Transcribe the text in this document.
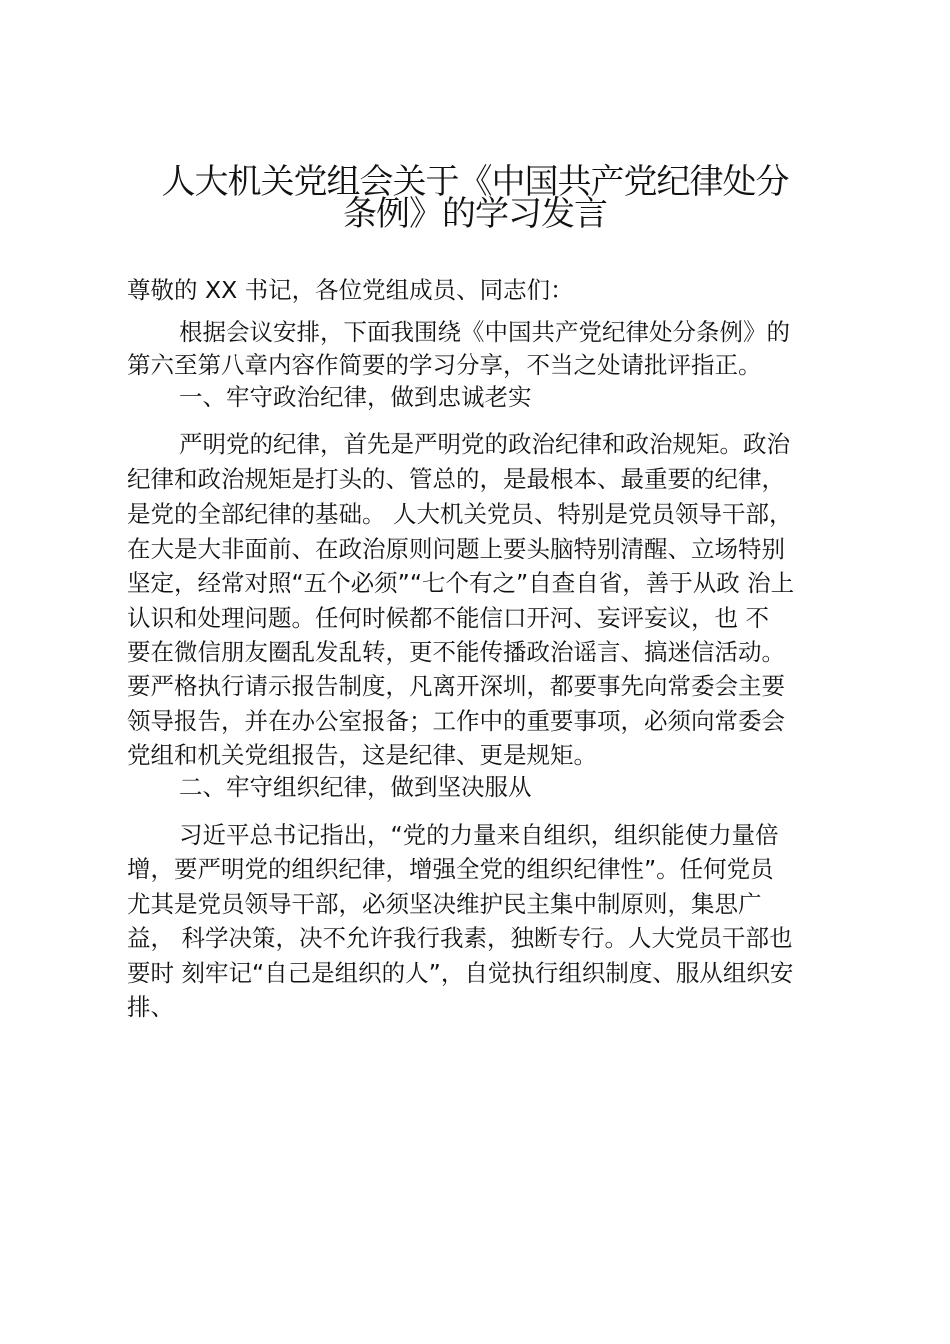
人大机关党组会关于《中国共产党纪律处分
条例》的学习发言
尊敬的 XX 书记，各位党组成员、同志们：
根据会议安排，下面我围绕《中国共产党纪律处分条例》的
第六至第八章内容作简要的学习分享，不当之处请批评指正。
一、牢守政治纪律，做到忠诚老实
严明党的纪律，首先是严明党的政治纪律和政治规矩。政治
纪律和政治规矩是打头的、管总的，是最根本、最重要的纪律，
是党的全部纪律的基础。 人大机关党员、特别是党员领导干部，
在大是大非面前、在政治原则问题上要头脑特别清醒、立场特别
坚定，经常对照“五个必须”“七个有之”自查自省，善于从政 治上
认识和处理问题。任何时候都不能信口开河、妄评妄议，也 不
要在微信朋友圈乱发乱转，更不能传播政治谣言、搞迷信活动。
要严格执行请示报告制度，凡离开深圳，都要事先向常委会主要
领导报告，并在办公室报备；工作中的重要事项，必须向常委会
党组和机关党组报告，这是纪律、更是规矩。
二、牢守组织纪律，做到坚决服从
习近平总书记指出，“党的力量来自组织，组织能使力量倍
增，要严明党的组织纪律，增强全党的组织纪律性”。任何党员
尤其是党员领导干部，必须坚决维护民主集中制原则，集思广
益， 科学决策，决不允许我行我素，独断专行。人大党员干部也
要时 刻牢记“自己是组织的人”，自觉执行组织制度、服从组织安
排、
